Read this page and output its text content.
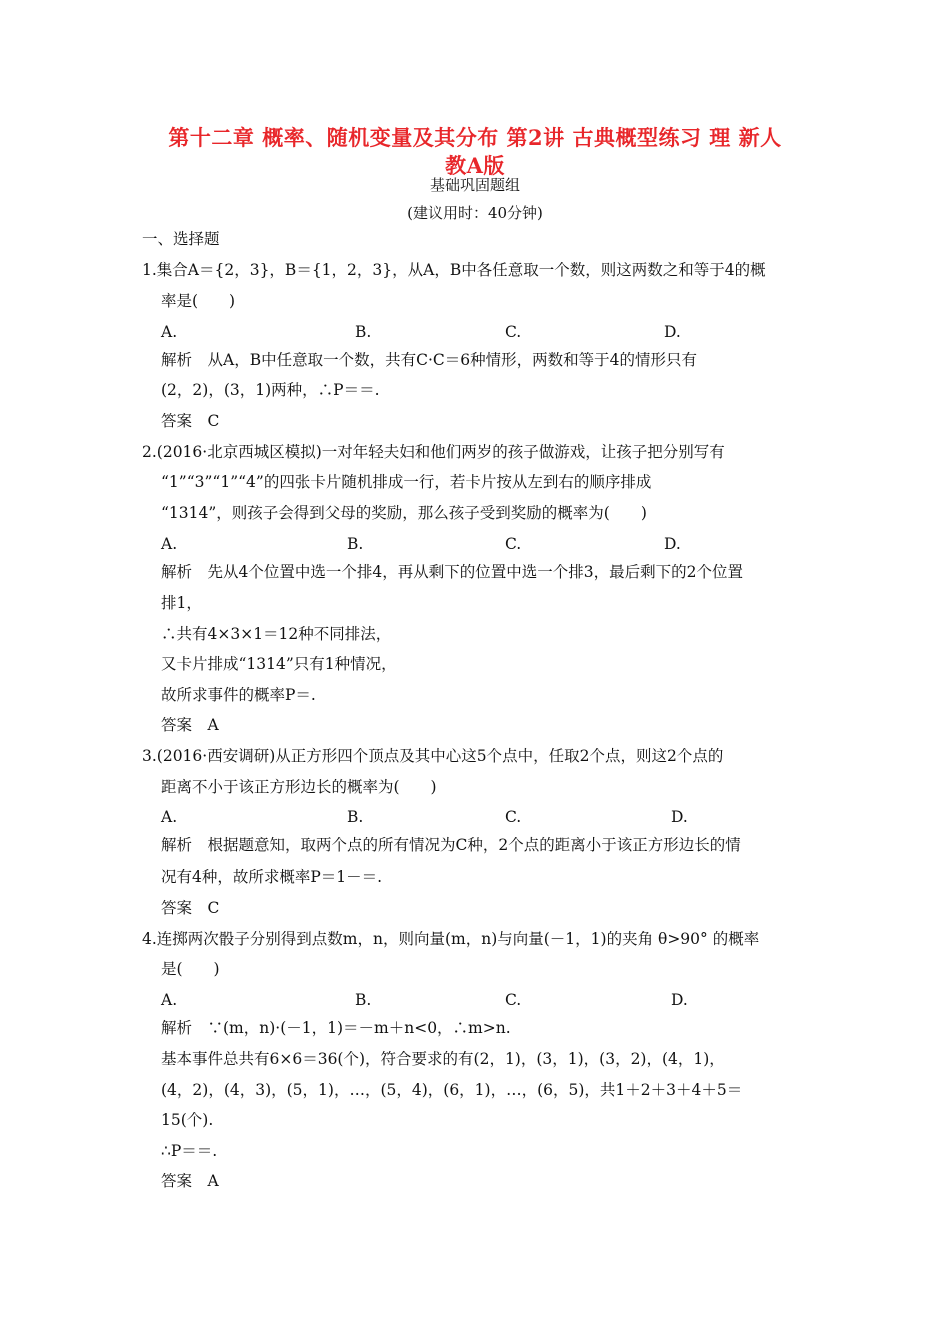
第十二章 概率、随机变量及其分布 第2讲 古典概型练习 理 新人
教A版
基础巩固题组
(建议用时：40分钟)
一、选择题
1.集合A＝{2，3}，B＝{1，2，3}，从A，B中各任意取一个数，则这两数之和等于4的概
率是(　　)
A.	B.	C.	D.
解析　从A，B中任意取一个数，共有C·C＝6种情形，两数和等于4的情形只有
(2，2)，(3，1)两种，∴P＝＝.
答案　C
2.(2016·北京西城区模拟)一对年轻夫妇和他们两岁的孩子做游戏，让孩子把分别写有
“1”“3”“1”“4”的四张卡片随机排成一行，若卡片按从左到右的顺序排成
“1314”，则孩子会得到父母的奖励，那么孩子受到奖励的概率为(　　)
A.	B.	C.	D.
解析　先从4个位置中选一个排4，再从剩下的位置中选一个排3，最后剩下的2个位置
排1，
∴共有4×3×1＝12种不同排法，
又卡片排成“1314”只有1种情况，
故所求事件的概率P＝.
答案　A
3.(2016·西安调研)从正方形四个顶点及其中心这5个点中，任取2个点，则这2个点的
距离不小于该正方形边长的概率为(　　)
A.	B.	C.	D.
解析　根据题意知，取两个点的所有情况为C种，2个点的距离小于该正方形边长的情
况有4种，故所求概率P＝1－＝.
答案　C
4.连掷两次骰子分别得到点数m，n，则向量(m，n)与向量(－1，1)的夹角 θ>90° 的概率
是(　　)
A.	B.	C.	D.
解析　∵(m，n)·(－1，1)＝－m＋n<0，∴m>n.
基本事件总共有6×6＝36(个)，符合要求的有(2，1)，(3，1)，(3，2)，(4，1)，
(4，2)，(4，3)，(5，1)，…，(5，4)，(6，1)，…，(6，5)，共1＋2＋3＋4＋5＝
15(个).
∴P＝＝.
答案　A
